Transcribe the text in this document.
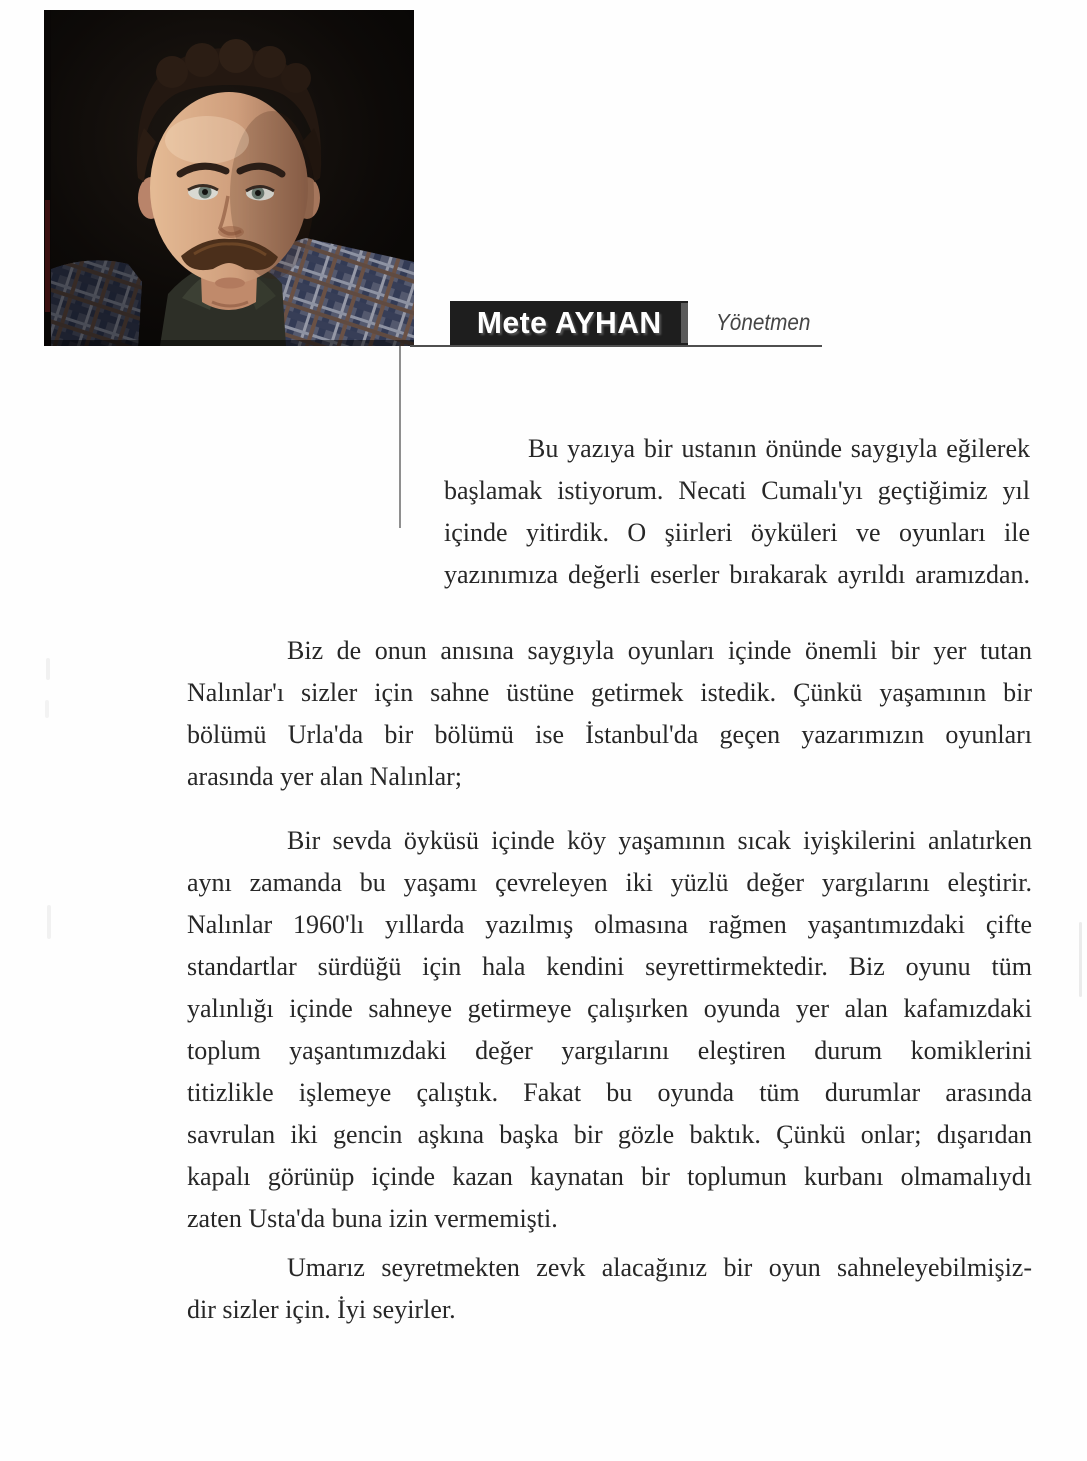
Mete AYHAN Yönetmen
Bu yazıya bir ustanın önünde saygıyla eğilerek
başlamak istiyorum. Necati Cumalı'yı geçtiğimiz yıl
içinde yitirdik. O şiirleri öyküleri ve oyunları ile
yazınımıza değerli eserler bırakarak ayrıldı aramızdan.
Biz de onun anısına saygıyla oyunları içinde önemli bir yer tutan
Nalınlar'ı sizler için sahne üstüne getirmek istedik. Çünkü yaşamının bir
bölümü Urla'da bir bölümü ise İstanbul'da geçen yazarımızın oyunları
arasında yer alan Nalınlar;
Bir sevda öyküsü içinde köy yaşamının sıcak iyişkilerini anlatırken
aynı zamanda bu yaşamı çevreleyen iki yüzlü değer yargılarını eleştirir.
Nalınlar 1960'lı yıllarda yazılmış olmasına rağmen yaşantımızdaki çifte
standartlar sürdüğü için hala kendini seyrettirmektedir. Biz oyunu tüm
yalınlığı içinde sahneye getirmeye çalışırken oyunda yer alan kafamızdaki
toplum yaşantımızdaki değer yargılarını eleştiren durum komiklerini
titizlikle işlemeye çalıştık. Fakat bu oyunda tüm durumlar arasında
savrulan iki gencin aşkına başka bir gözle baktık. Çünkü onlar; dışarıdan
kapalı görünüp içinde kazan kaynatan bir toplumun kurbanı olmamalıydı
zaten Usta'da buna izin vermemişti.
Umarız seyretmekten zevk alacağınız bir oyun sahneleyebilmişiz-
dir sizler için. İyi seyirler.
